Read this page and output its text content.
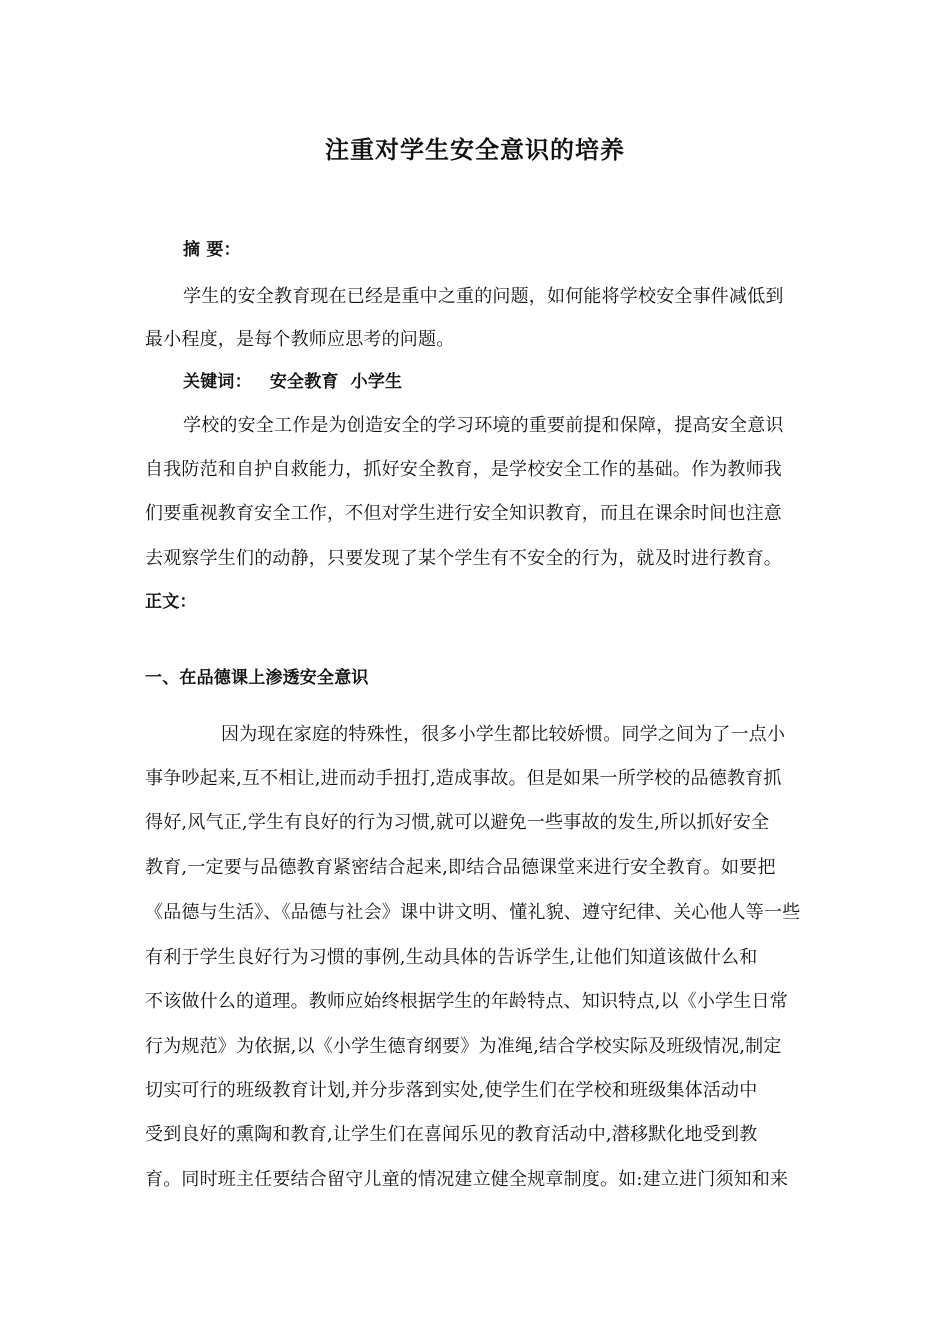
注重对学生安全意识的培养
摘 要：
学生的安全教育现在已经是重中之重的问题，如何能将学校安全事件减低到
最小程度，是每个教师应思考的问题。
关键词： 安全教育 小学生
学校的安全工作是为创造安全的学习环境的重要前提和保障，提高安全意识
自我防范和自护自救能力，抓好安全教育，是学校安全工作的基础。作为教师我
们要重视教育安全工作，不但对学生进行安全知识教育，而且在课余时间也注意
去观察学生们的动静，只要发现了某个学生有不安全的行为，就及时进行教育。
正文：
一、在品德课上渗透安全意识
因为现在家庭的特殊性，很多小学生都比较娇惯。同学之间为了一点小
事争吵起来,互不相让,进而动手扭打,造成事故。但是如果一所学校的品德教育抓
得好,风气正,学生有良好的行为习惯,就可以避免一些事故的发生,所以抓好安全
教育,一定要与品德教育紧密结合起来,即结合品德课堂来进行安全教育。如要把
《品德与生活》、《品德与社会》课中讲文明、懂礼貌、遵守纪律、关心他人等一些
有利于学生良好行为习惯的事例,生动具体的告诉学生,让他们知道该做什么和
不该做什么的道理。教师应始终根据学生的年龄特点、知识特点,以《小学生日常
行为规范》为依据,以《小学生德育纲要》为准绳,结合学校实际及班级情况,制定
切实可行的班级教育计划,并分步落到实处,使学生们在学校和班级集体活动中
受到良好的熏陶和教育,让学生们在喜闻乐见的教育活动中,潜移默化地受到教
育。同时班主任要结合留守儿童的情况建立健全规章制度。如:建立进门须知和来
